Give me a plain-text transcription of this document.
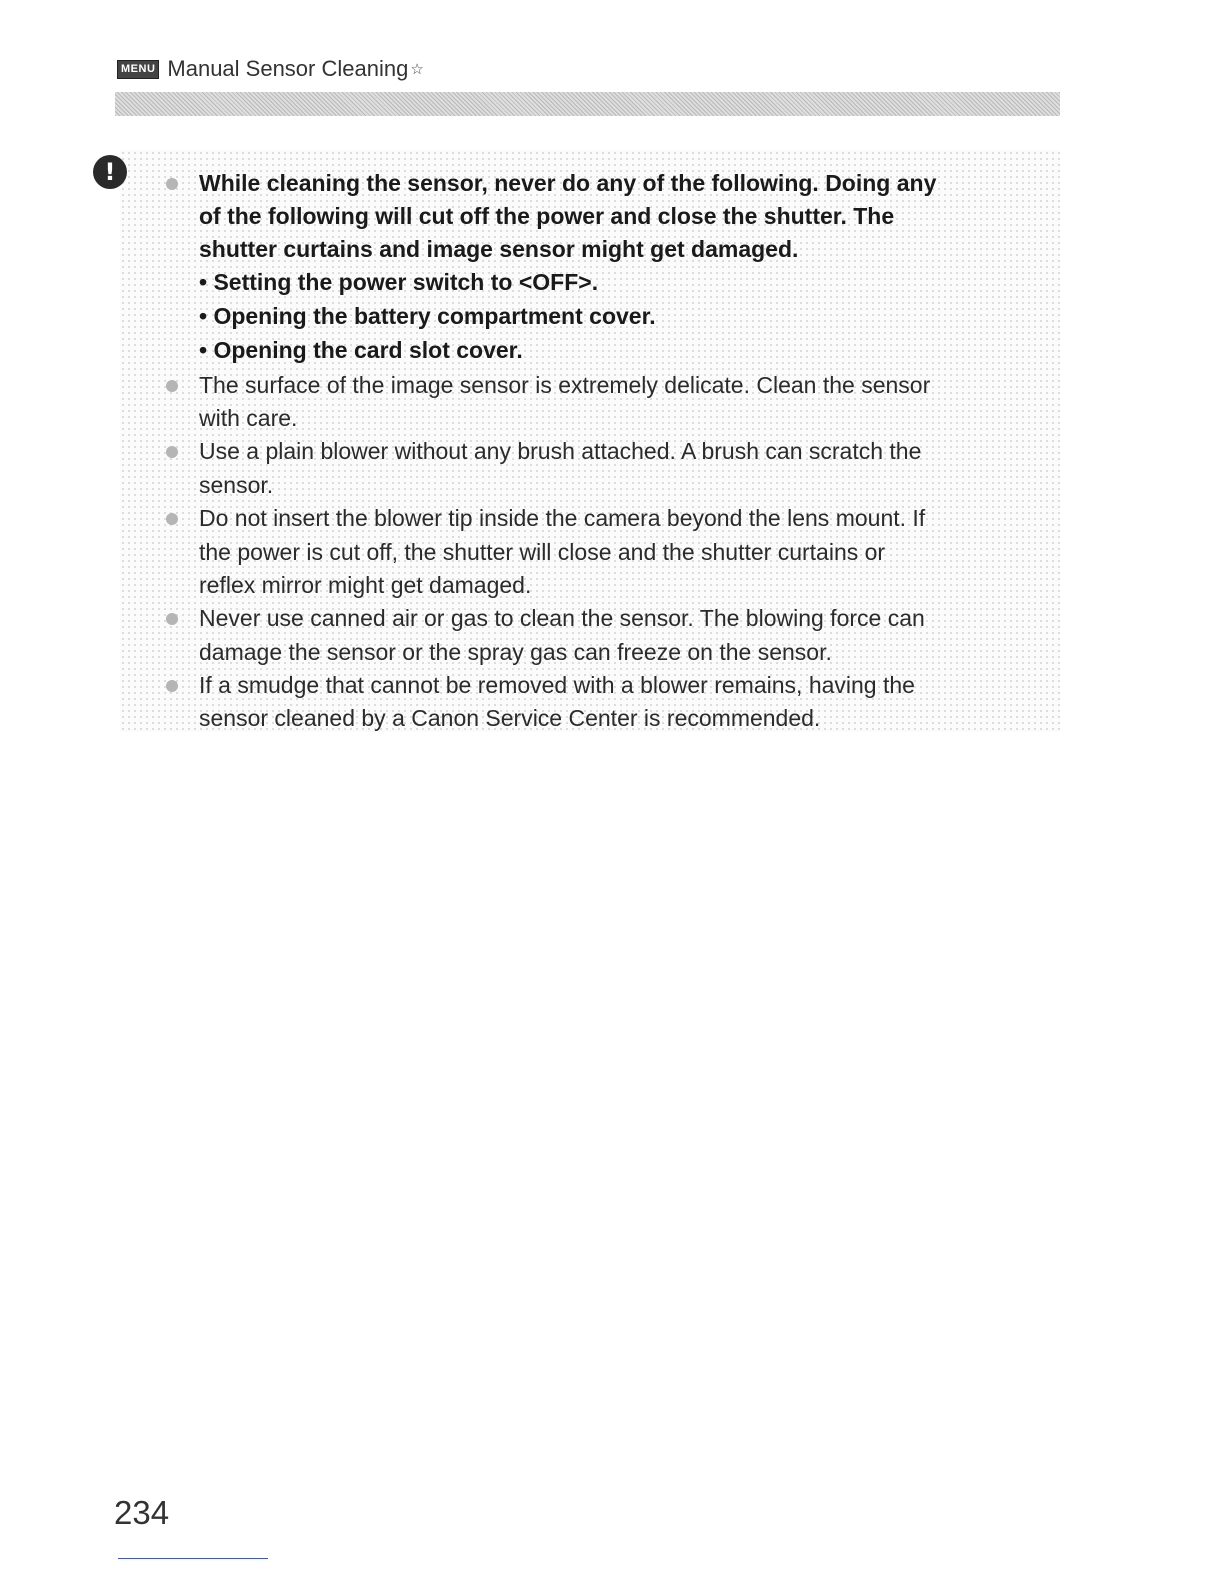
MENU Manual Sensor Cleaning ☆
!	While cleaning the sensor, never do any of the following. Doing any
of the following will cut off the power and close the shutter. The
shutter curtains and image sensor might get damaged.
• Setting the power switch to <OFF>.
• Opening the battery compartment cover.
• Opening the card slot cover.
The surface of the image sensor is extremely delicate. Clean the sensor
with care.
Use a plain blower without any brush attached. A brush can scratch the
sensor.
Do not insert the blower tip inside the camera beyond the lens mount. If
the power is cut off, the shutter will close and the shutter curtains or
reflex mirror might get damaged.
Never use canned air or gas to clean the sensor. The blowing force can
damage the sensor or the spray gas can freeze on the sensor.
If a smudge that cannot be removed with a blower remains, having the
sensor cleaned by a Canon Service Center is recommended.
234
